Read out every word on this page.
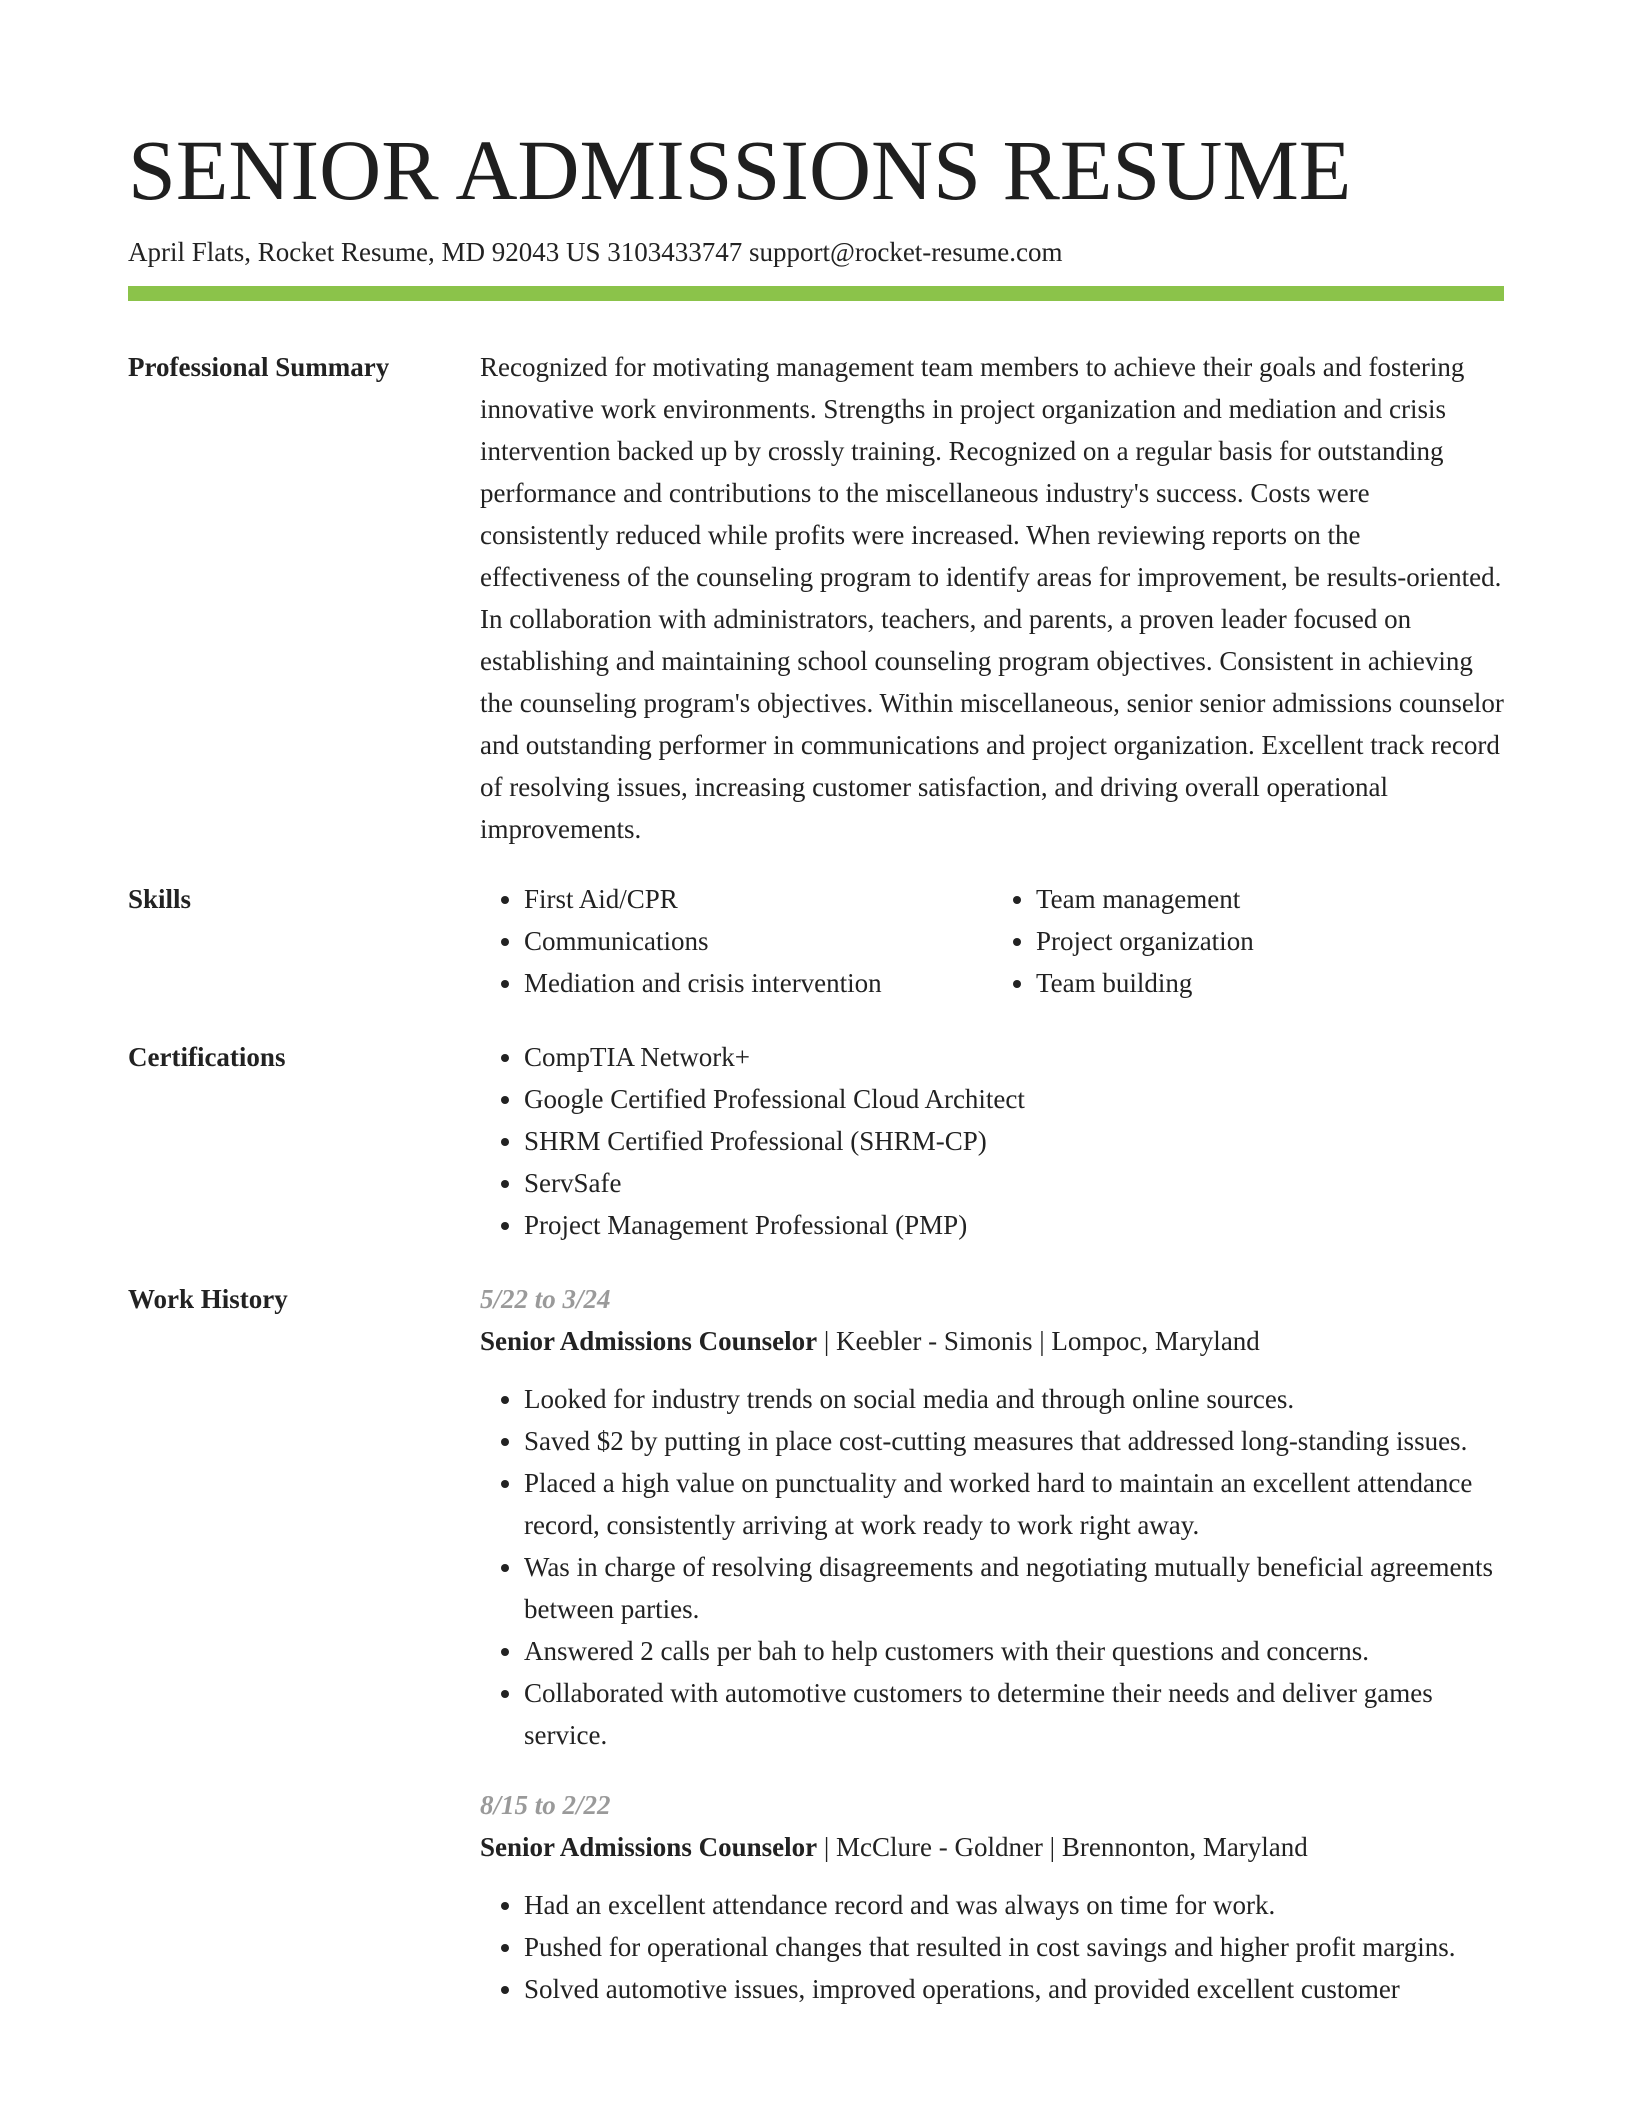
SENIOR ADMISSIONS RESUME
April Flats, Rocket Resume, MD 92043 US 3103433747 support@rocket-resume.com
Professional Summary	Recognized for motivating management team members to achieve their goals and fostering innovative work environments. Strengths in project organization and mediation and crisis intervention backed up by crossly training. Recognized on a regular basis for outstanding performance and contributions to the miscellaneous industry's success. Costs were consistently reduced while profits were increased. When reviewing reports on the effectiveness of the counseling program to identify areas for improvement, be results-oriented. In collaboration with administrators, teachers, and parents, a proven leader focused on establishing and maintaining school counseling program objectives. Consistent in achieving the counseling program's objectives. Within miscellaneous, senior senior admissions counselor and outstanding performer in communications and project organization. Excellent track record of resolving issues, increasing customer satisfaction, and driving overall operational improvements.

Skills	• First Aid/CPR
• Communications
• Mediation and crisis intervention
• Team management
• Project organization
• Team building
Certifications	• CompTIA Network+
• Google Certified Professional Cloud Architect
• SHRM Certified Professional (SHRM-CP)
• ServSafe
• Project Management Professional (PMP)
Work History	5/22 to 3/24
Senior Admissions Counselor | Keebler - Simonis | Lompoc, Maryland
• Looked for industry trends on social media and through online sources.
• Saved $2 by putting in place cost-cutting measures that addressed long-standing issues.
• Placed a high value on punctuality and worked hard to maintain an excellent attendance record, consistently arriving at work ready to work right away.
• Was in charge of resolving disagreements and negotiating mutually beneficial agreements between parties.
• Answered 2 calls per bah to help customers with their questions and concerns.
• Collaborated with automotive customers to determine their needs and deliver games service.
8/15 to 2/22
Senior Admissions Counselor | McClure - Goldner | Brennonton, Maryland
• Had an excellent attendance record and was always on time for work.
• Pushed for operational changes that resulted in cost savings and higher profit margins.
• Solved automotive issues, improved operations, and provided excellent customer
